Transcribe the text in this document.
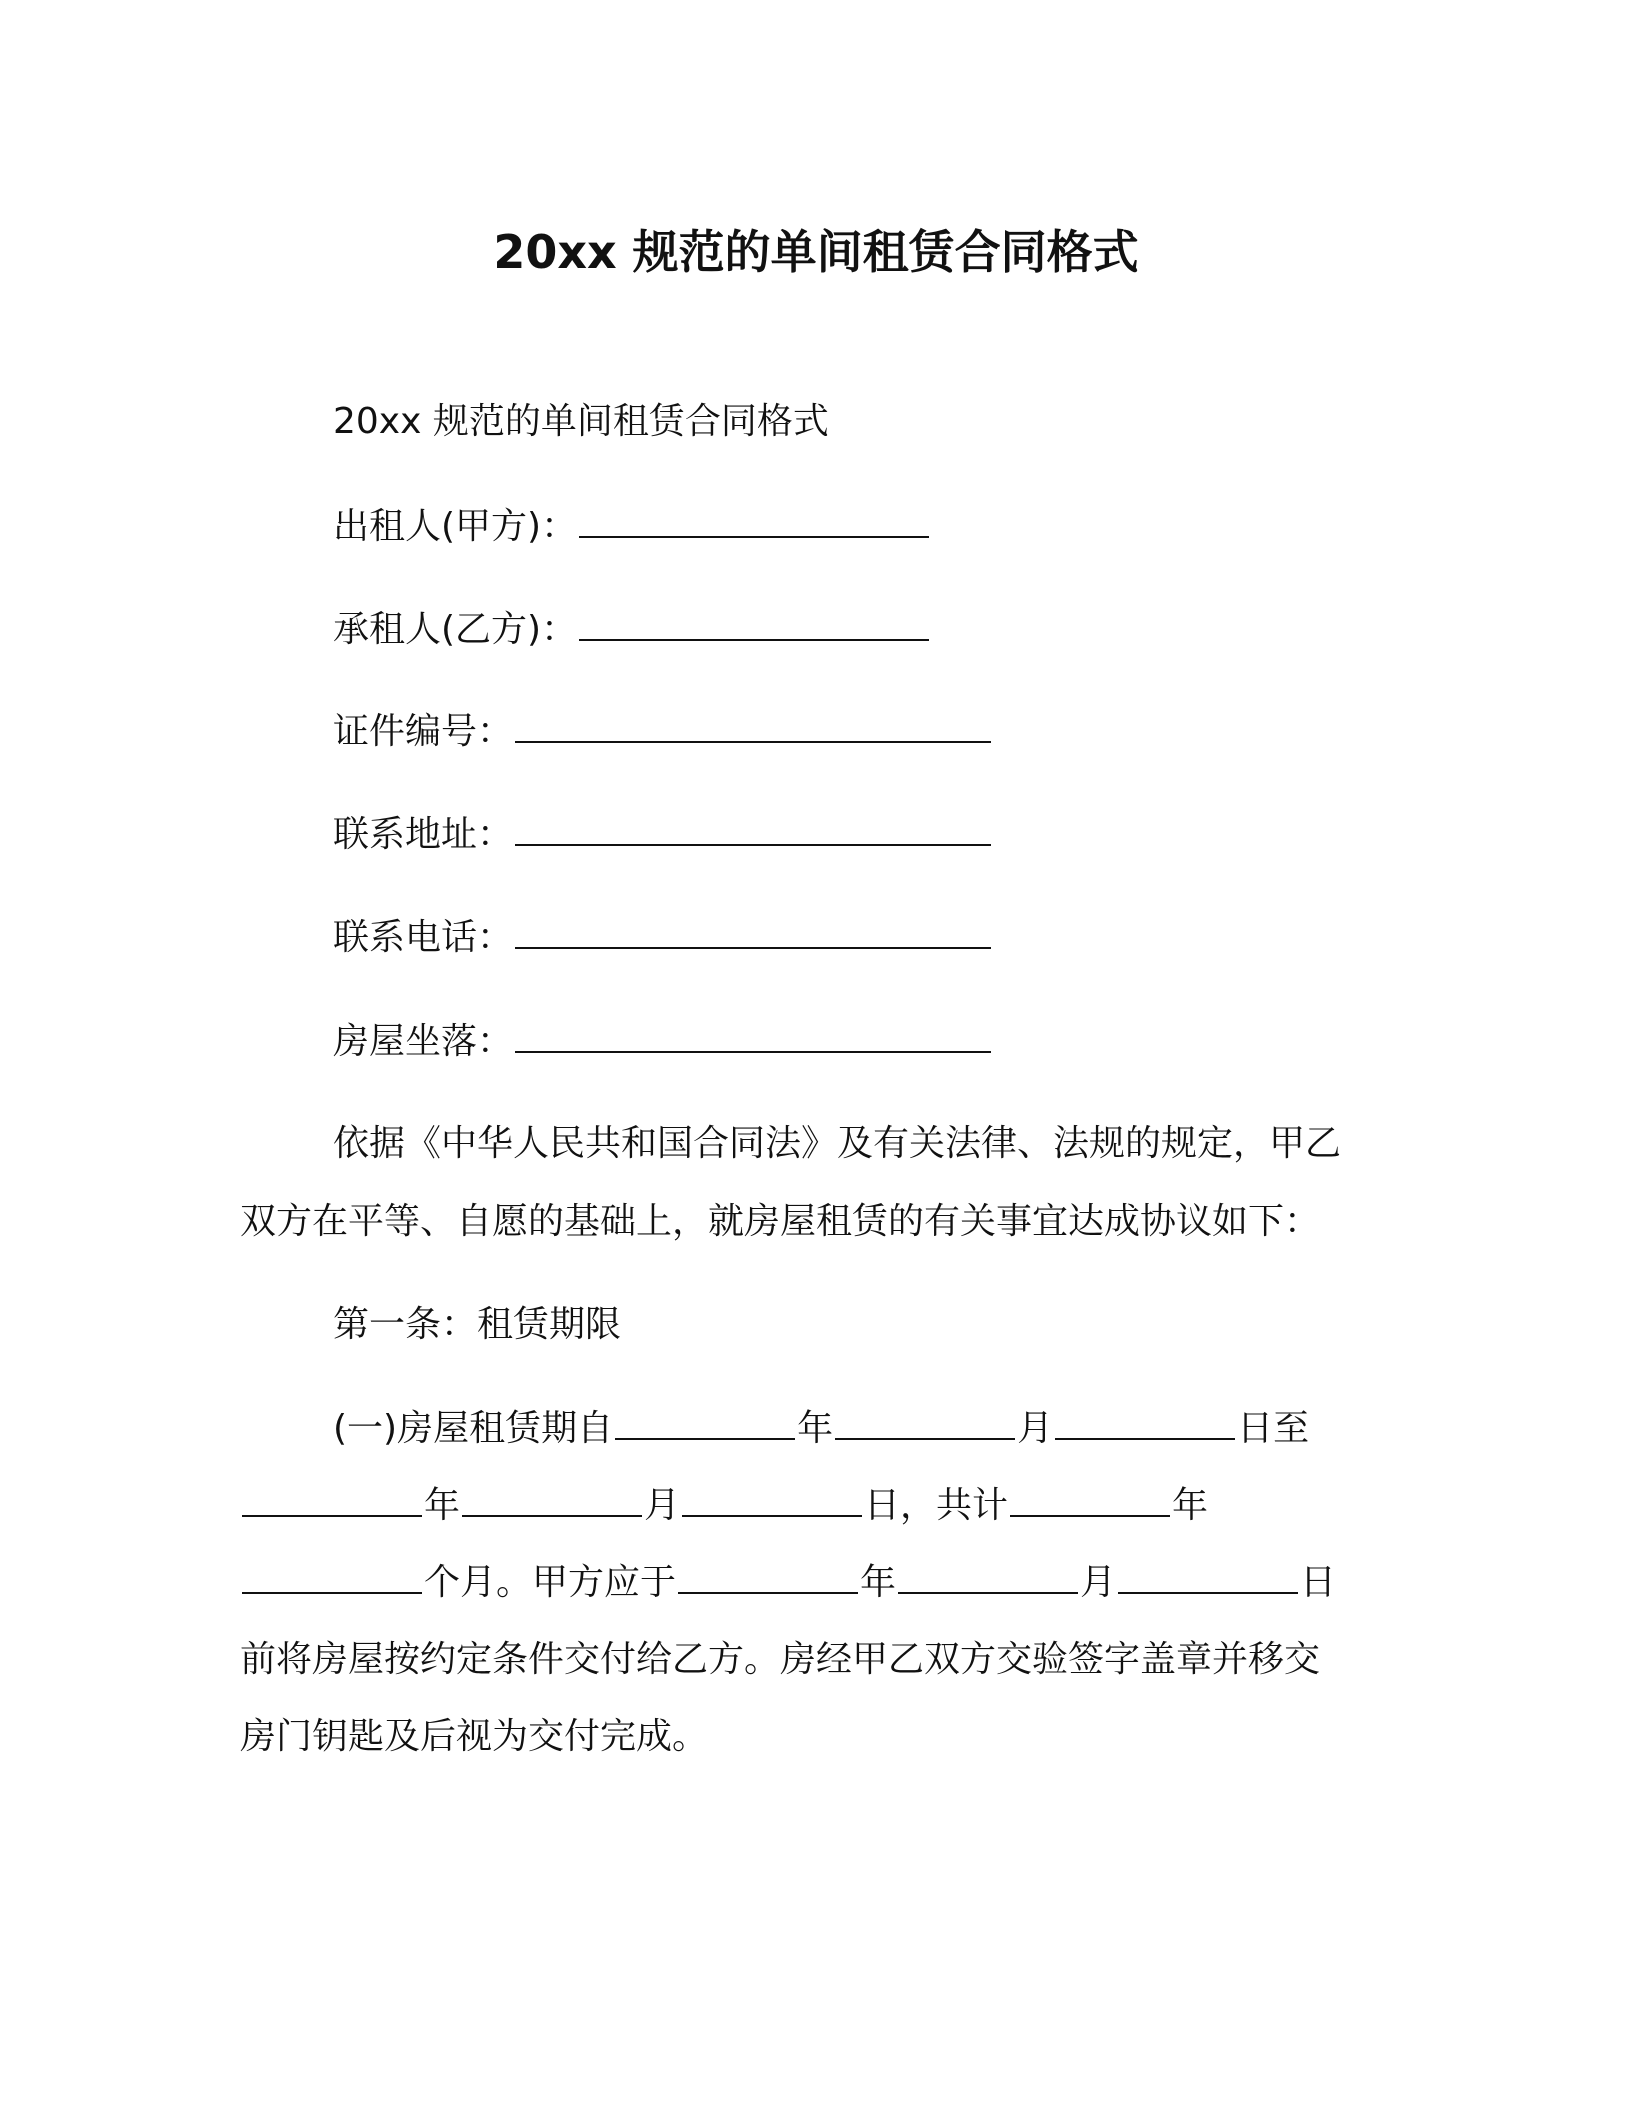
20xx 规范的单间租赁合同格式
20xx 规范的单间租赁合同格式
出租人(甲方)：
承租人(乙方)：
证件编号：
联系地址：
联系电话：
房屋坐落：
依据《中华人民共和国合同法》及有关法律、法规的规定，甲乙
双方在平等、自愿的基础上，就房屋租赁的有关事宜达成协议如下：
第一条：租赁期限
(一)房屋租赁期自	年	月	日至
年	月	日，共计	年
个月。甲方应于	年	月	日
前将房屋按约定条件交付给乙方。房经甲乙双方交验签字盖章并移交
房门钥匙及后视为交付完成。
